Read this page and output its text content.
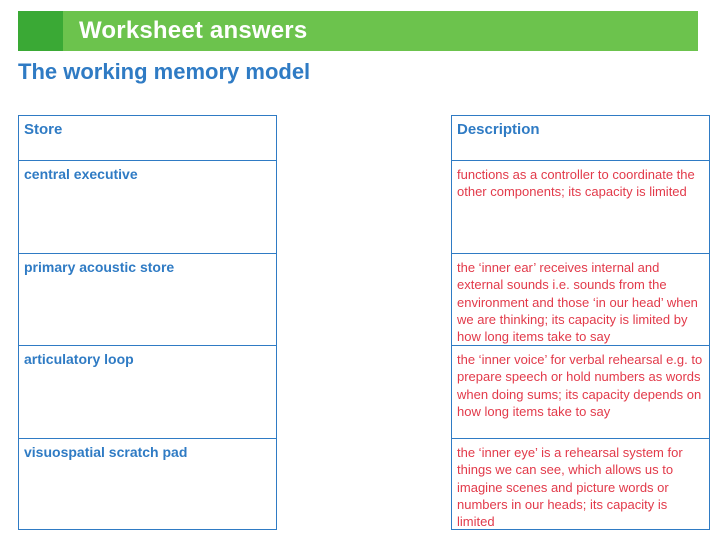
Worksheet answers
The working memory model
Store
central executive
primary acoustic store
articulatory loop
visuospatial scratch pad
Description
functions as a controller to coordinate the other components; its capacity is limited
the ‘inner ear’ receives internal and external sounds i.e. sounds from the environment and those ‘in our head’ when we are thinking; its capacity is limited by how long items take to say
the ‘inner voice’ for verbal rehearsal e.g. to prepare speech or hold numbers as words when doing sums; its capacity depends on how long items take to say
the ‘inner eye’ is a rehearsal system for things we can see, which allows us to imagine scenes and picture words or numbers in our heads; its capacity is limited
